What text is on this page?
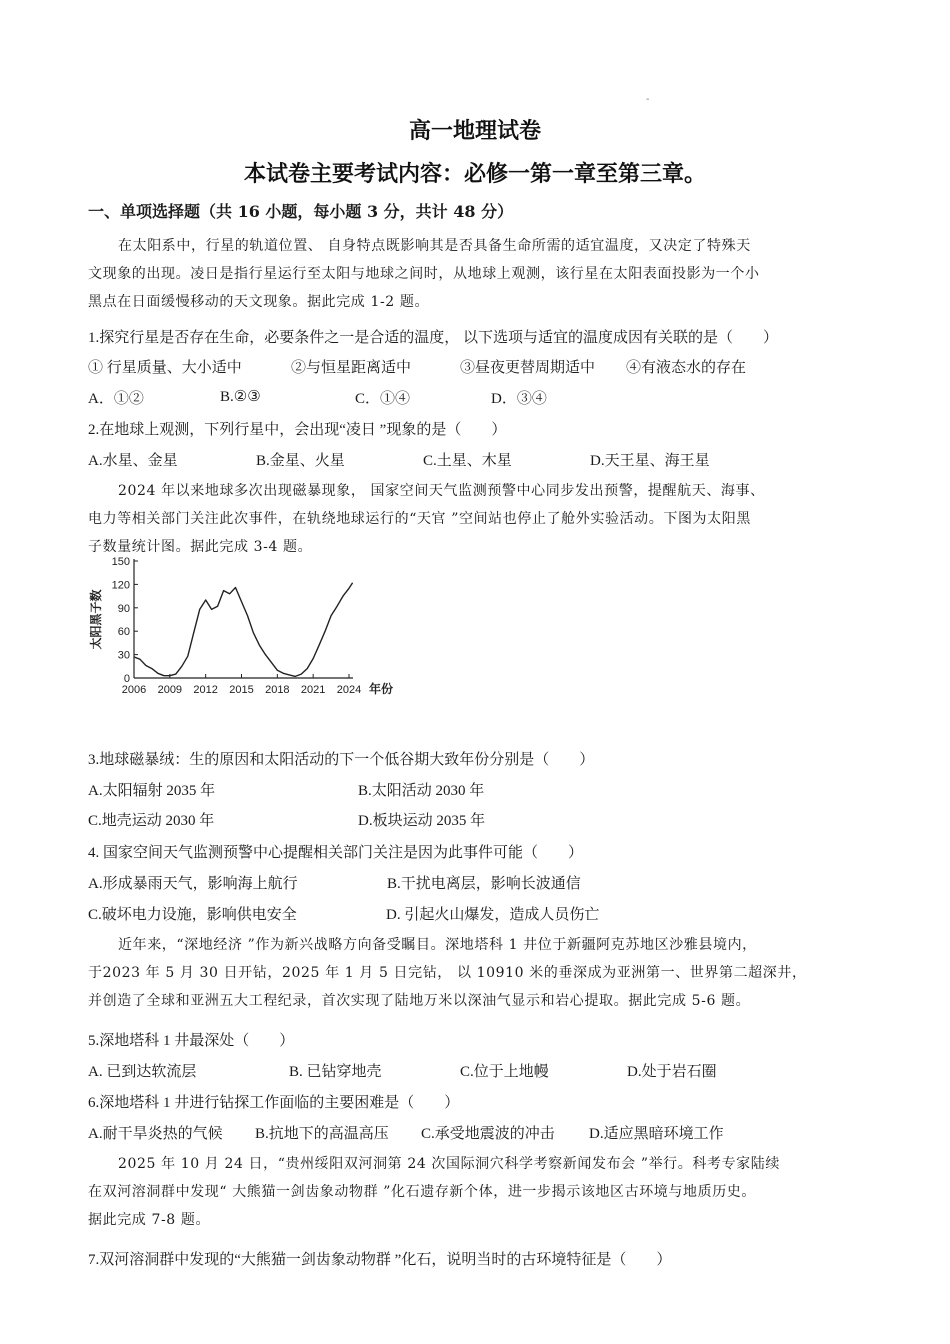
-
高一地理试卷
本试卷主要考试内容：必修一第一章至第三章。
一、单项选择题（共 16 小题，每小题 3 分，共计 48 分）
在太阳系中，行星的轨道位置、 自身特点既影响其是否具备生命所需的适宜温度，又决定了特殊天
文现象的出现。凌日是指行星运行至太阳与地球之间时，从地球上观测，该行星在太阳表面投影为一个小
黑点在日面缓慢移动的天文现象。据此完成 1-2 题。
1.探究行星是否存在生命，必要条件之一是合适的温度， 以下选项与适宜的温度成因有关联的是（　　）
① 行星质量、大小适中	②与恒星距离适中	③昼夜更替周期适中 ④有液态水的存在
A．①②	B.②③	C．①④	D．③④
2.在地球上观测，下列行星中，会出现“凌日 ”现象的是（　　）
A.水星、金星	B.金星、火星	C.土星、木星	D.天王星、海王星
2024 年以来地球多次出现磁暴现象， 国家空间天气监测预警中心同步发出预警，提醒航天、海事、
电力等相关部门关注此次事件，在轨绕地球运行的“天官 ”空间站也停止了舱外实验活动。下图为太阳黑
子数量统计图。据此完成 3-4 题。
150
120
90
60
30
0
2006 2009 2012 2015 2018 2021 2024
太阳黑子数
年份
3.地球磁暴绒：生的原因和太阳活动的下一个低谷期大致年份分别是（　　）
A.太阳辐射 2035 年	B.太阳活动 2030 年
C.地壳运动 2030 年	D.板块运动 2035 年
4. 国家空间天气监测预警中心提醒相关部门关注是因为此事件可能（　　）
A.形成暴雨天气，影响海上航行	B.干扰电离层，影响长波通信
C.破坏电力设施，影响供电安全	D. 引起火山爆发，造成人员伤亡
近年来，“深地经济 ”作为新兴战略方向备受瞩目。深地塔科 1 井位于新疆阿克苏地区沙雅县境内，
于2023 年 5 月 30 日开钻，2025 年 1 月 5 日完钻， 以 10910 米的垂深成为亚洲第一、世界第二超深井，
并创造了全球和亚洲五大工程纪录，首次实现了陆地万米以深油气显示和岩心提取。据此完成 5-6 题。
5.深地塔科 1 井最深处（　　）
A. 已到达软流层	B. 已钻穿地壳	C.位于上地幔	D.处于岩石圈
6.深地塔科 1 井进行钻探工作面临的主要困难是（　　）
A.耐干旱炎热的气候 B.抗地下的高温高压 C.承受地震波的冲击 D.适应黑暗环境工作
2025 年 10 月 24 日，“贵州绥阳双河洞第 24 次国际洞穴科学考察新闻发布会 ”举行。科考专家陆续
在双河溶洞群中发现“ 大熊猫一剑齿象动物群 ”化石遗存新个体，进一步揭示该地区古环境与地质历史。
据此完成 7-8 题。
7.双河溶洞群中发现的“大熊猫一剑齿象动物群 ”化石，说明当时的古环境特征是（　　）
